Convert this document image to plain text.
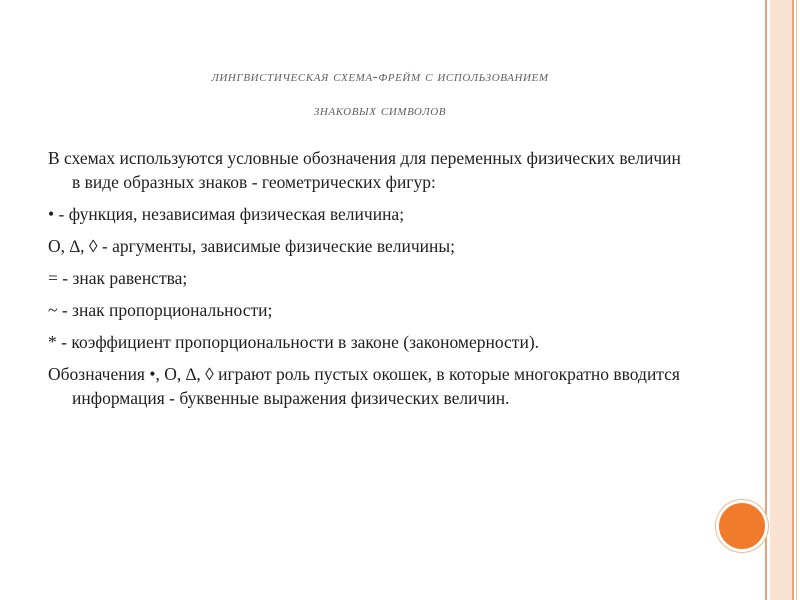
лингвистическая схема-фрейм с использованием
знаковых символов

В схемах используются условные обозначения для переменных физических величин в виде образных знаков - геометрических фигур:

• - функция, независимая физическая величина;

O, ∆, ◊ - аргументы, зависимые физические величины;

= - знак равенства;

~ - знак пропорциональности;

* - коэффициент пропорциональности в законе (закономерности).

Обозначения •, O, ∆, ◊ играют роль пустых окошек, в которые многократно вводится информация - буквенные выражения физических величин.
